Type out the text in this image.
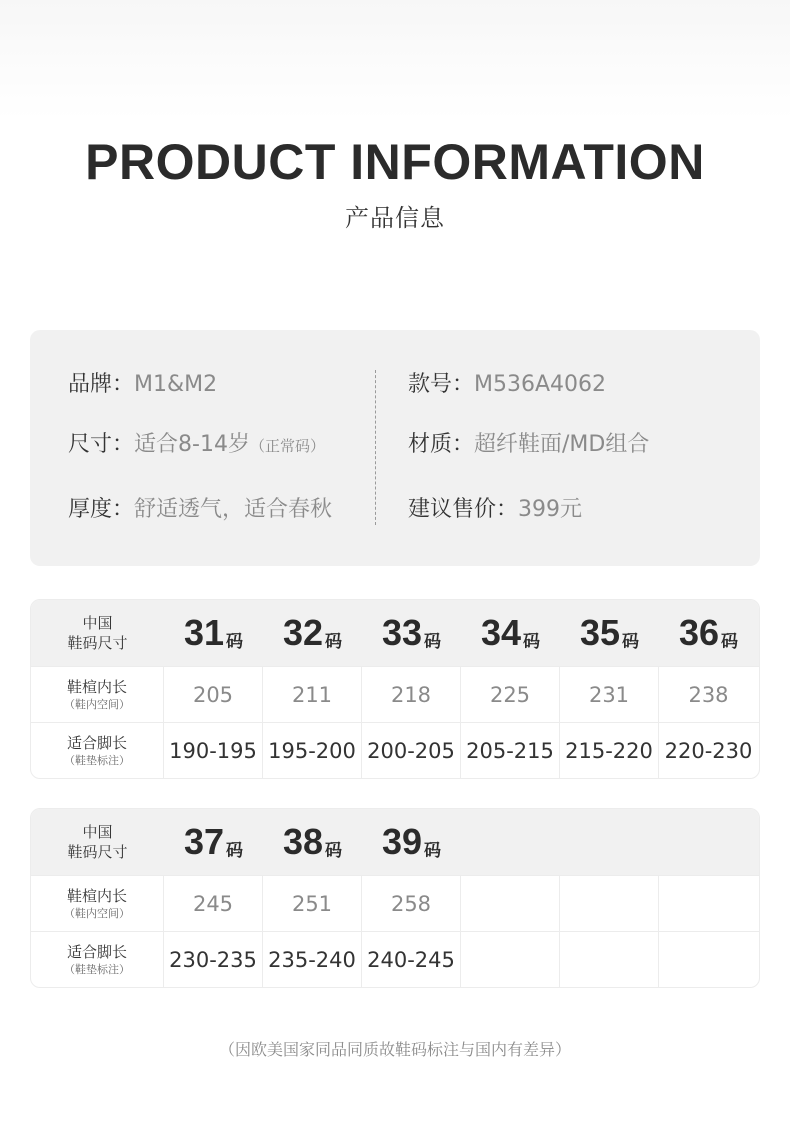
PRODUCT INFORMATION
产品信息
品牌：M1&M2	款号：M536A4062
尺寸：适合8-14岁（正常码）	材质：超纤鞋面/MD组合
厚度：舒适透气，适合春秋	建议售价：399元
中国
鞋码尺寸 31 码 32 码 33 码 34 码 35 码 36 码
鞋楦内长
（鞋内空间）	205	211	218	225	231	238
适合脚长
（鞋垫标注） 190-195 195-200 200-205 205-215 215-220 220-230
中国
鞋码尺寸 37 码 38 码 39 码
鞋楦内长
（鞋内空间）	245	251	258
适合脚长
（鞋垫标注） 230-235 235-240 240-245
（因欧美国家同品同质故鞋码标注与国内有差异）
